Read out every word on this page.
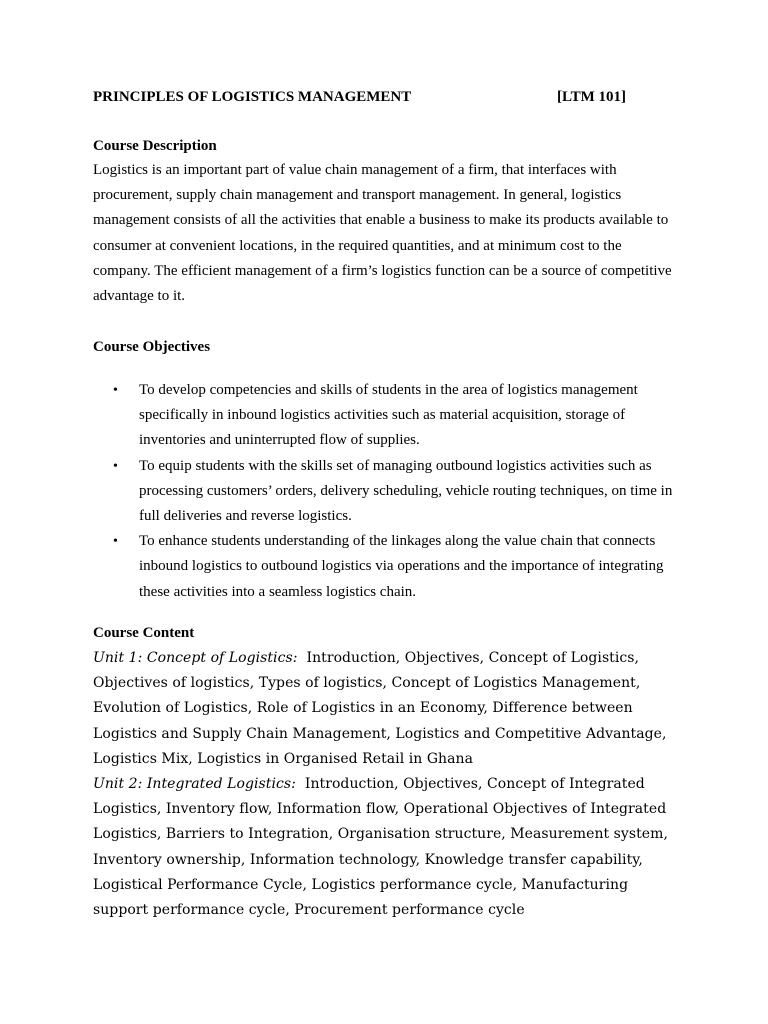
PRINCIPLES OF LOGISTICS MANAGEMENT	[LTM 101]
Course Description
Logistics is an important part of value chain management of a firm, that interfaces with procurement, supply chain management and transport management. In general, logistics management consists of all the activities that enable a business to make its products available to consumer at convenient locations, in the required quantities, and at minimum cost to the company. The efficient management of a firm’s logistics function can be a source of competitive advantage to it.
Course Objectives
• To develop competencies and skills of students in the area of logistics management specifically in inbound logistics activities such as material acquisition, storage of inventories and uninterrupted flow of supplies.
• To equip students with the skills set of managing outbound logistics activities such as processing customers’ orders, delivery scheduling, vehicle routing techniques, on time in full deliveries and reverse logistics.
• To enhance students understanding of the linkages along the value chain that connects inbound logistics to outbound logistics via operations and the importance of integrating these activities into a seamless logistics chain.
Course Content
Unit 1: Concept of Logistics:  Introduction, Objectives, Concept of Logistics, Objectives of logistics, Types of logistics, Concept of Logistics Management, Evolution of Logistics, Role of Logistics in an Economy, Difference between Logistics and Supply Chain Management, Logistics and Competitive Advantage, Logistics Mix, Logistics in Organised Retail in Ghana
Unit 2: Integrated Logistics:  Introduction, Objectives, Concept of Integrated Logistics, Inventory flow, Information flow, Operational Objectives of Integrated Logistics, Barriers to Integration, Organisation structure, Measurement system, Inventory ownership, Information technology, Knowledge transfer capability, Logistical Performance Cycle, Logistics performance cycle, Manufacturing support performance cycle, Procurement performance cycle
